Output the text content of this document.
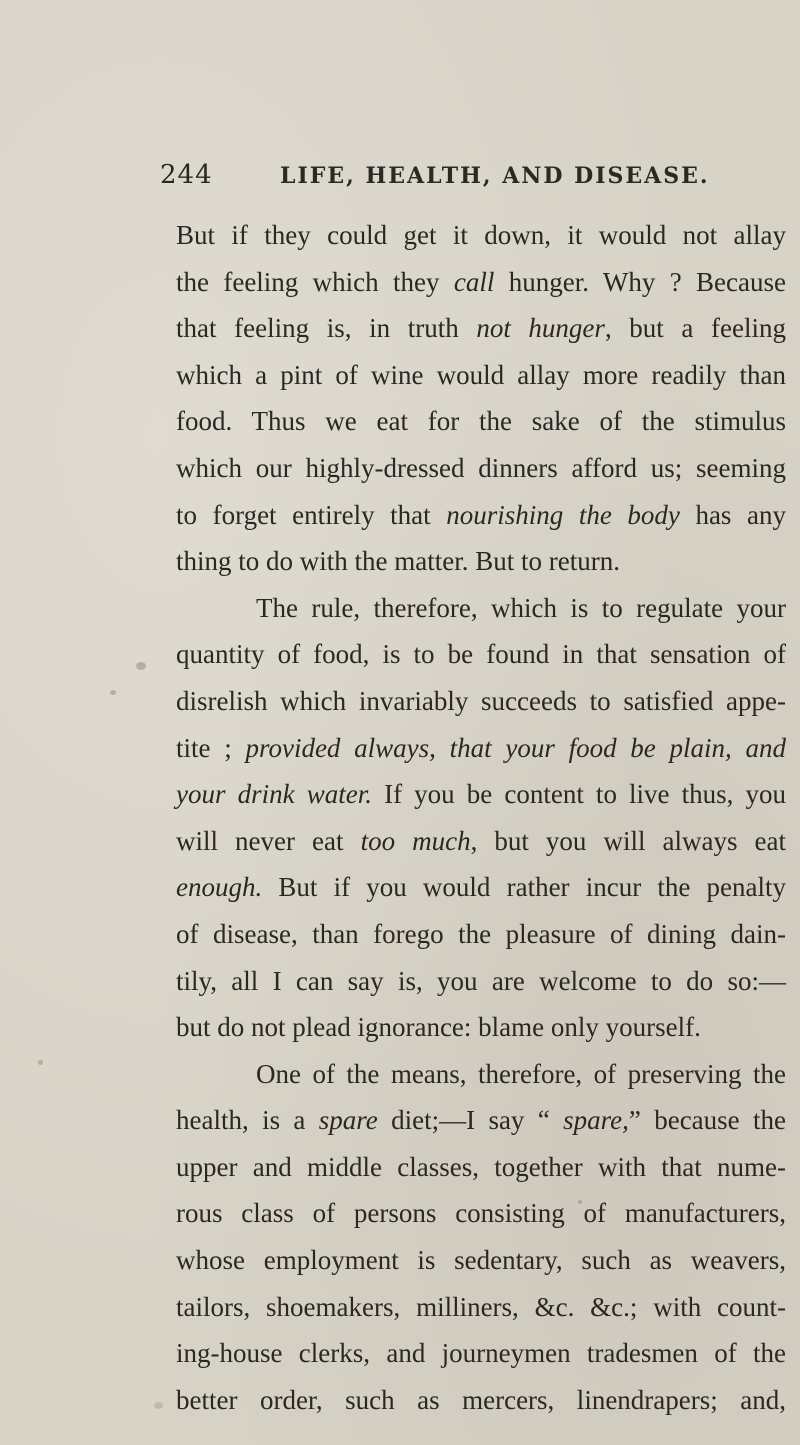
244	LIFE, HEALTH, AND DISEASE.
But if they could get it down, it would not allay
the feeling which they call hunger. Why ? Because
that feeling is, in truth not hunger, but a feeling
which a pint of wine would allay more readily than
food. Thus we eat for the sake of the stimulus
which our highly-dressed dinners afford us; seeming
to forget entirely that nourishing the body has any
thing to do with the matter. But to return.
The rule, therefore, which is to regulate your
quantity of food, is to be found in that sensation of
disrelish which invariably succeeds to satisfied appe-
tite ; provided always, that your food be plain, and
your drink water. If you be content to live thus, you
will never eat too much, but you will always eat
enough. But if you would rather incur the penalty
of disease, than forego the pleasure of dining dain-
tily, all I can say is, you are welcome to do so:—
but do not plead ignorance: blame only yourself.
One of the means, therefore, of preserving the
health, is a spare diet;—I say “ spare,” because the
upper and middle classes, together with that nume-
rous class of persons consisting of manufacturers,
whose employment is sedentary, such as weavers,
tailors, shoemakers, milliners, &c. &c.; with count-
ing-house clerks, and journeymen tradesmen of the
better order, such as mercers, linendrapers; and,
